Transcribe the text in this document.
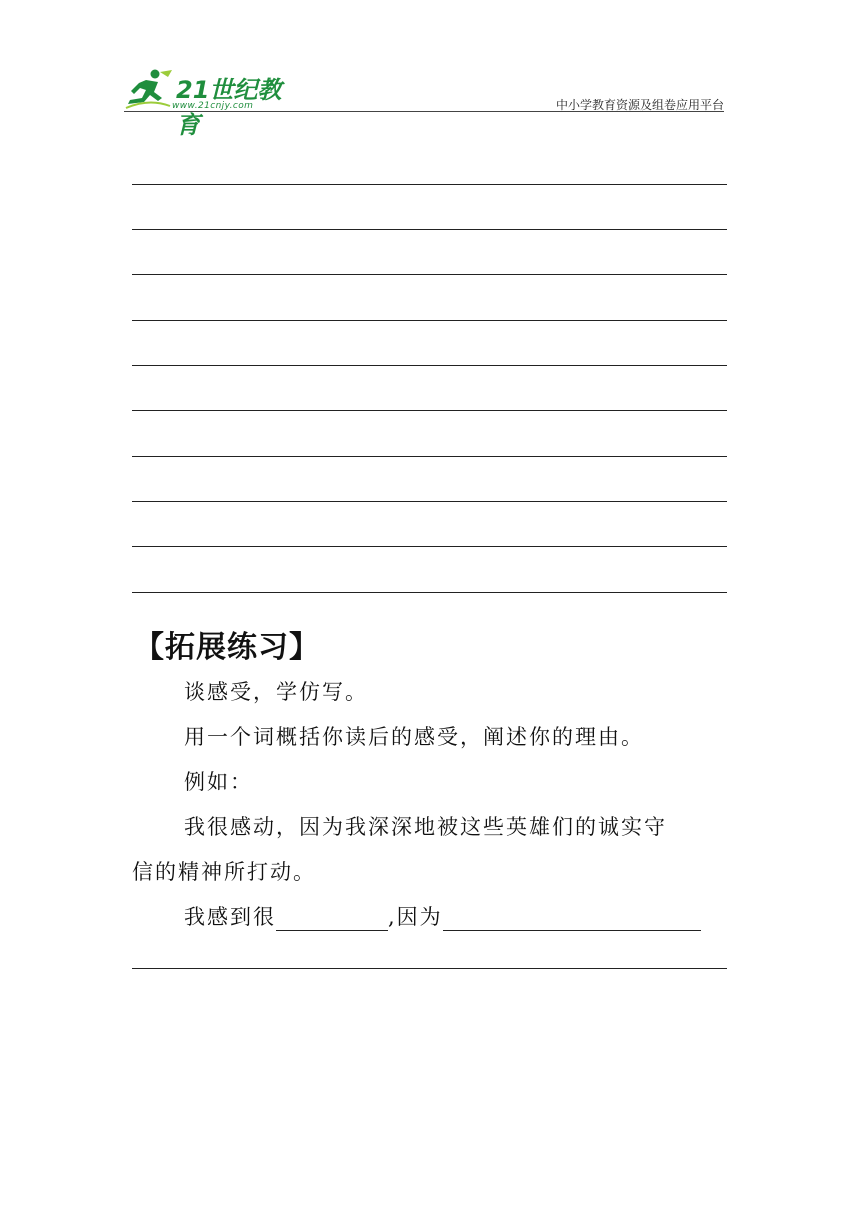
21世纪教育
www.21cnjy.com	中小学教育资源及组卷应用平台
【拓展练习】
谈感受，学仿写。
用一个词概括你读后的感受，阐述你的理由。
例如：
我很感动，因为我深深地被这些英雄们的诚实守
信的精神所打动。
我感到很	,因为
